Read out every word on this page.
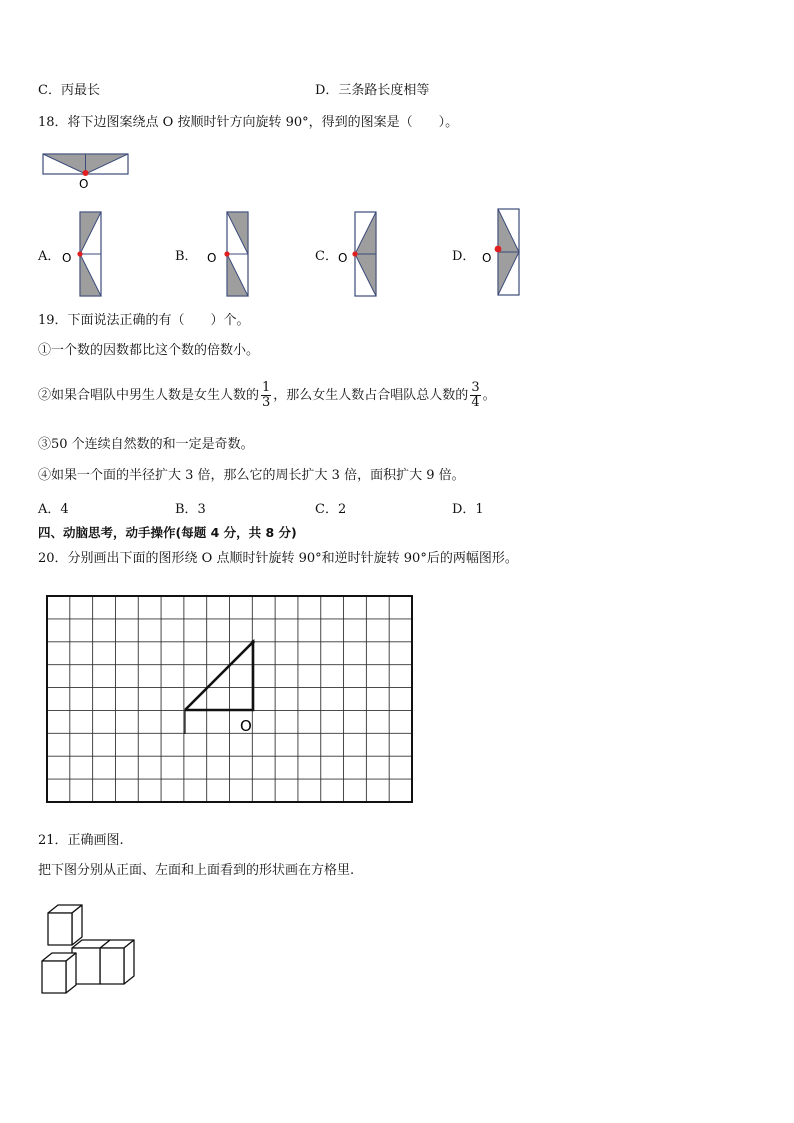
C．丙最长	D．三条路长度相等
18．将下边图案绕点 O 按顺时针方向旋转 90°，得到的图案是（　　）。
O
A． O	B． O	C． O	D． O
19．下面说法正确的有（　　）个。
①一个数的因数都比这个数的倍数小。
②如果合唱队中男生人数是女生人数的 $\frac{1}{3}$ ，那么女生人数占合唱队总人数的 $\frac{3}{4}$ 。
③50 个连续自然数的和一定是奇数。
④如果一个面的半径扩大 3 倍，那么它的周长扩大 3 倍，面积扩大 9 倍。
A．4	B．3	C．2	D．1
四、动脑思考，动手操作(每题 4 分，共 8 分)
20．分别画出下面的图形绕 O 点顺时针旋转 90°和逆时针旋转 90°后的两幅图形。
O
21．正确画图.
把下图分别从正面、左面和上面看到的形状画在方格里.
